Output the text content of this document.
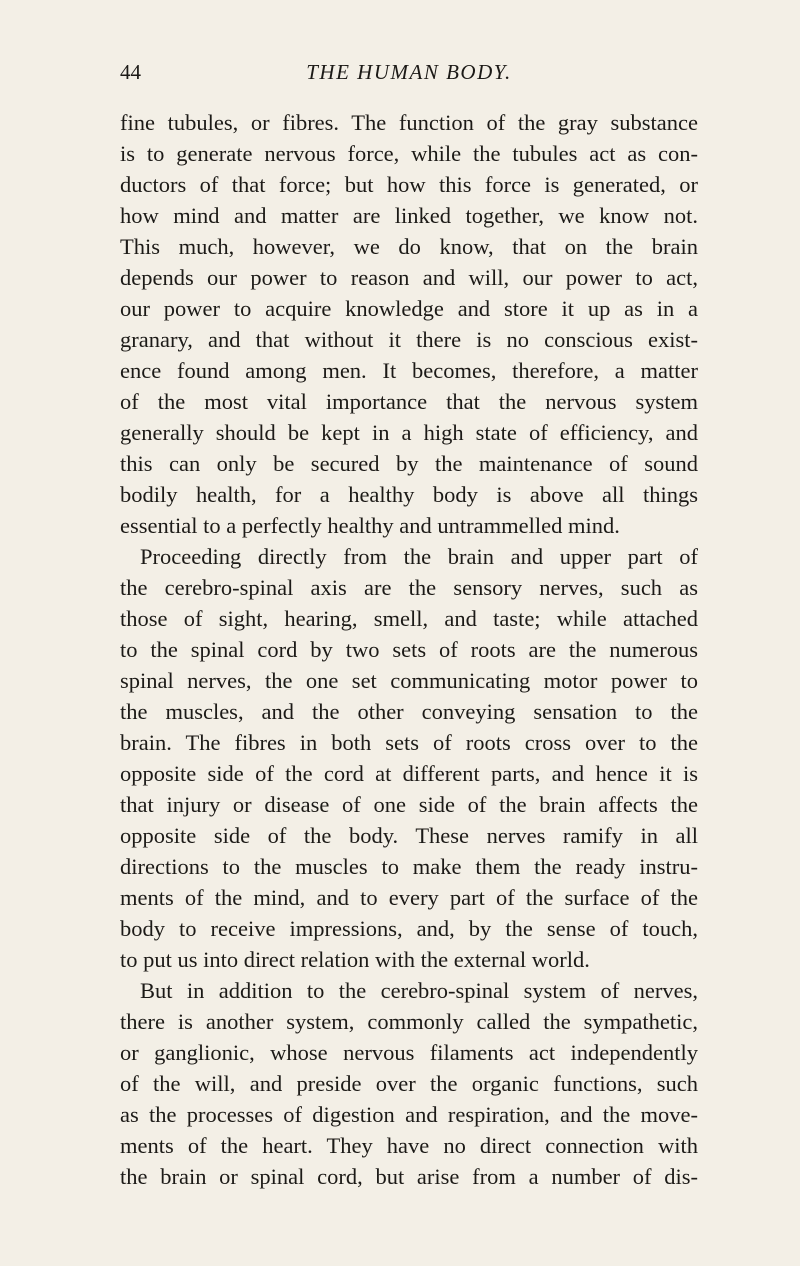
44	THE HUMAN BODY.
fine tubules, or fibres. The function of the gray substance
is to generate nervous force, while the tubules act as con-
ductors of that force; but how this force is generated, or
how mind and matter are linked together, we know not.
This much, however, we do know, that on the brain
depends our power to reason and will, our power to act,
our power to acquire knowledge and store it up as in a
granary, and that without it there is no conscious exist-
ence found among men. It becomes, therefore, a matter
of the most vital importance that the nervous system
generally should be kept in a high state of efficiency, and
this can only be secured by the maintenance of sound
bodily health, for a healthy body is above all things
essential to a perfectly healthy and untrammelled mind.
Proceeding directly from the brain and upper part of
the cerebro-spinal axis are the sensory nerves, such as
those of sight, hearing, smell, and taste; while attached
to the spinal cord by two sets of roots are the numerous
spinal nerves, the one set communicating motor power to
the muscles, and the other conveying sensation to the
brain. The fibres in both sets of roots cross over to the
opposite side of the cord at different parts, and hence it is
that injury or disease of one side of the brain affects the
opposite side of the body. These nerves ramify in all
directions to the muscles to make them the ready instru-
ments of the mind, and to every part of the surface of the
body to receive impressions, and, by the sense of touch,
to put us into direct relation with the external world.
But in addition to the cerebro-spinal system of nerves,
there is another system, commonly called the sympathetic,
or ganglionic, whose nervous filaments act independently
of the will, and preside over the organic functions, such
as the processes of digestion and respiration, and the move-
ments of the heart. They have no direct connection with
the brain or spinal cord, but arise from a number of dis-
